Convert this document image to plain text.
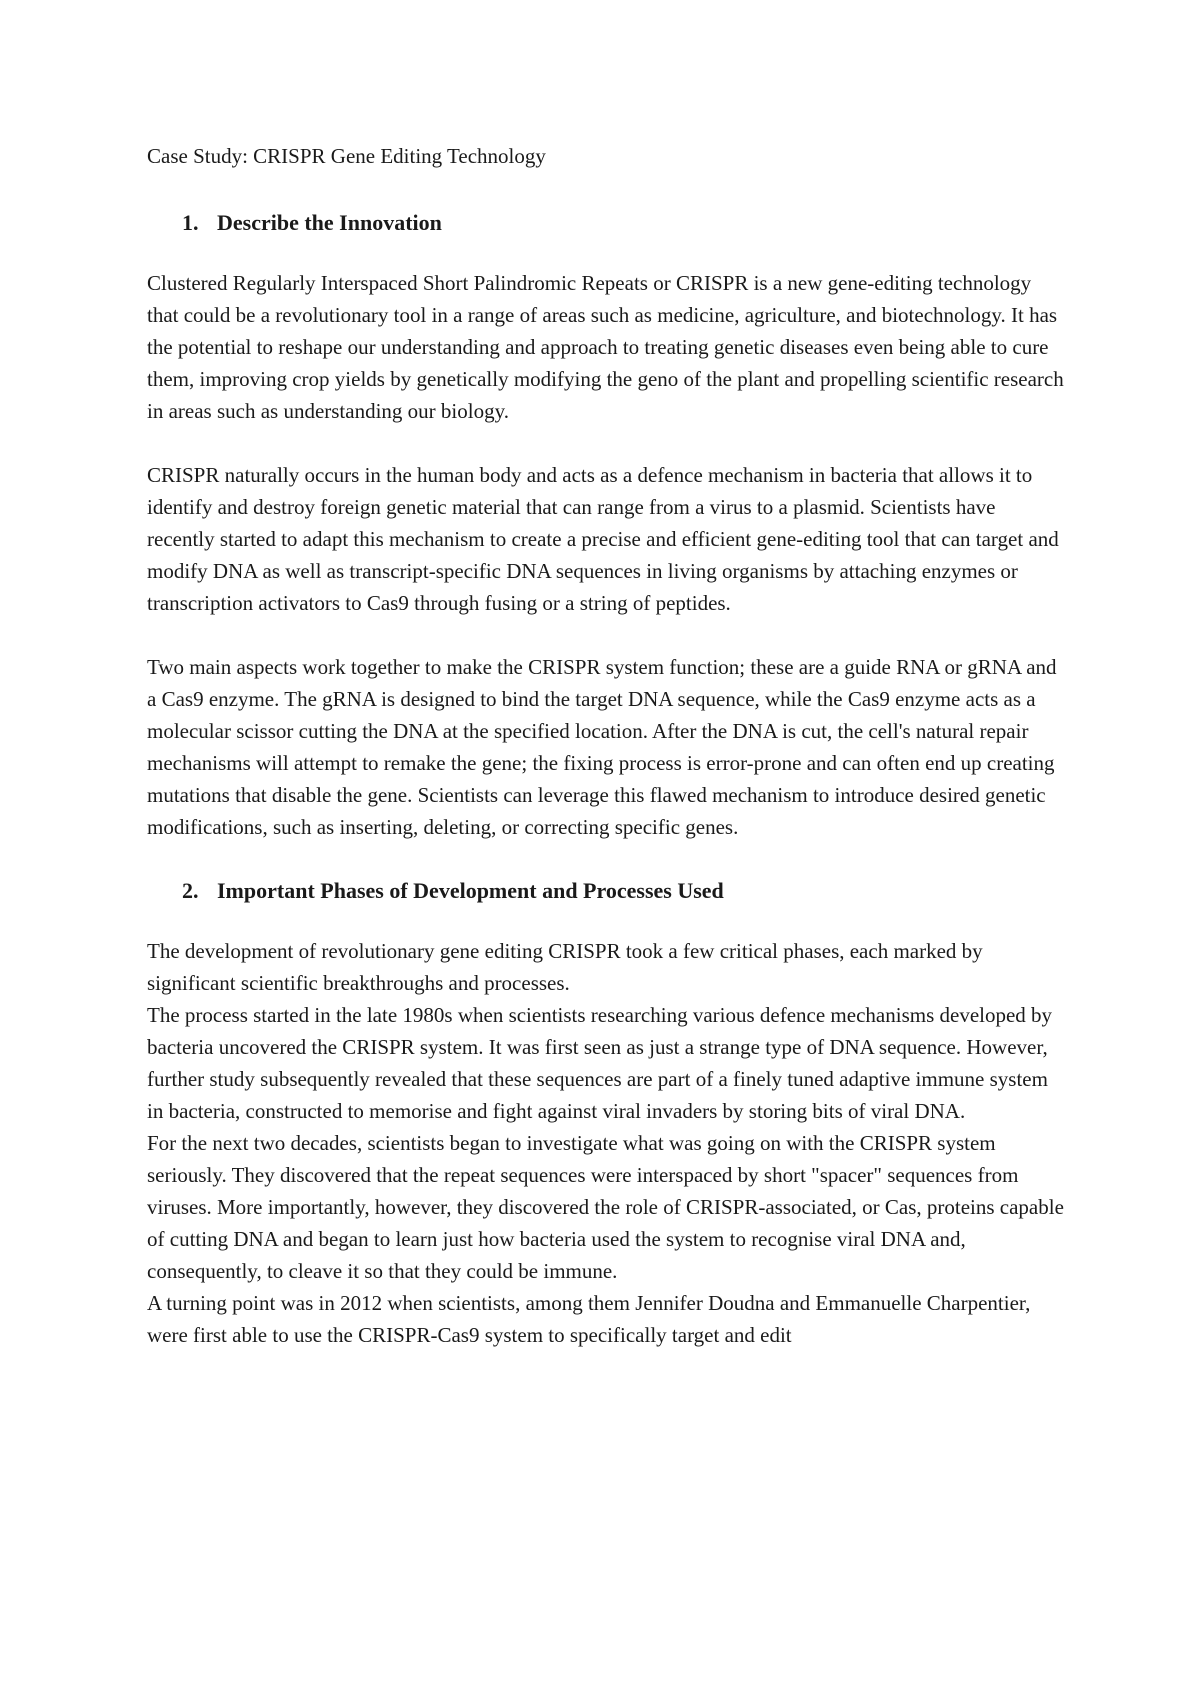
Case Study: CRISPR Gene Editing Technology

1. Describe the Innovation

Clustered Regularly Interspaced Short Palindromic Repeats or CRISPR is a new gene-editing technology that could be a revolutionary tool in a range of areas such as medicine, agriculture, and biotechnology. It has the potential to reshape our understanding and approach to treating genetic diseases even being able to cure them, improving crop yields by genetically modifying the geno of the plant and propelling scientific research in areas such as understanding our biology.

CRISPR naturally occurs in the human body and acts as a defence mechanism in bacteria that allows it to identify and destroy foreign genetic material that can range from a virus to a plasmid. Scientists have recently started to adapt this mechanism to create a precise and efficient gene-editing tool that can target and modify DNA as well as transcript-specific DNA sequences in living organisms by attaching enzymes or transcription activators to Cas9 through fusing or a string of peptides.

Two main aspects work together to make the CRISPR system function; these are a guide RNA or gRNA and a Cas9 enzyme. The gRNA is designed to bind the target DNA sequence, while the Cas9 enzyme acts as a molecular scissor cutting the DNA at the specified location. After the DNA is cut, the cell's natural repair mechanisms will attempt to remake the gene; the fixing process is error-prone and can often end up creating mutations that disable the gene. Scientists can leverage this flawed mechanism to introduce desired genetic modifications, such as inserting, deleting, or correcting specific genes.

2. Important Phases of Development and Processes Used

The development of revolutionary gene editing CRISPR took a few critical phases, each marked by significant scientific breakthroughs and processes.

The process started in the late 1980s when scientists researching various defence mechanisms developed by bacteria uncovered the CRISPR system. It was first seen as just a strange type of DNA sequence. However, further study subsequently revealed that these sequences are part of a finely tuned adaptive immune system in bacteria, constructed to memorise and fight against viral invaders by storing bits of viral DNA.

For the next two decades, scientists began to investigate what was going on with the CRISPR system seriously. They discovered that the repeat sequences were interspaced by short "spacer" sequences from viruses. More importantly, however, they discovered the role of CRISPR-associated, or Cas, proteins capable of cutting DNA and began to learn just how bacteria used the system to recognise viral DNA and, consequently, to cleave it so that they could be immune.

A turning point was in 2012 when scientists, among them Jennifer Doudna and Emmanuelle Charpentier, were first able to use the CRISPR-Cas9 system to specifically target and edit
